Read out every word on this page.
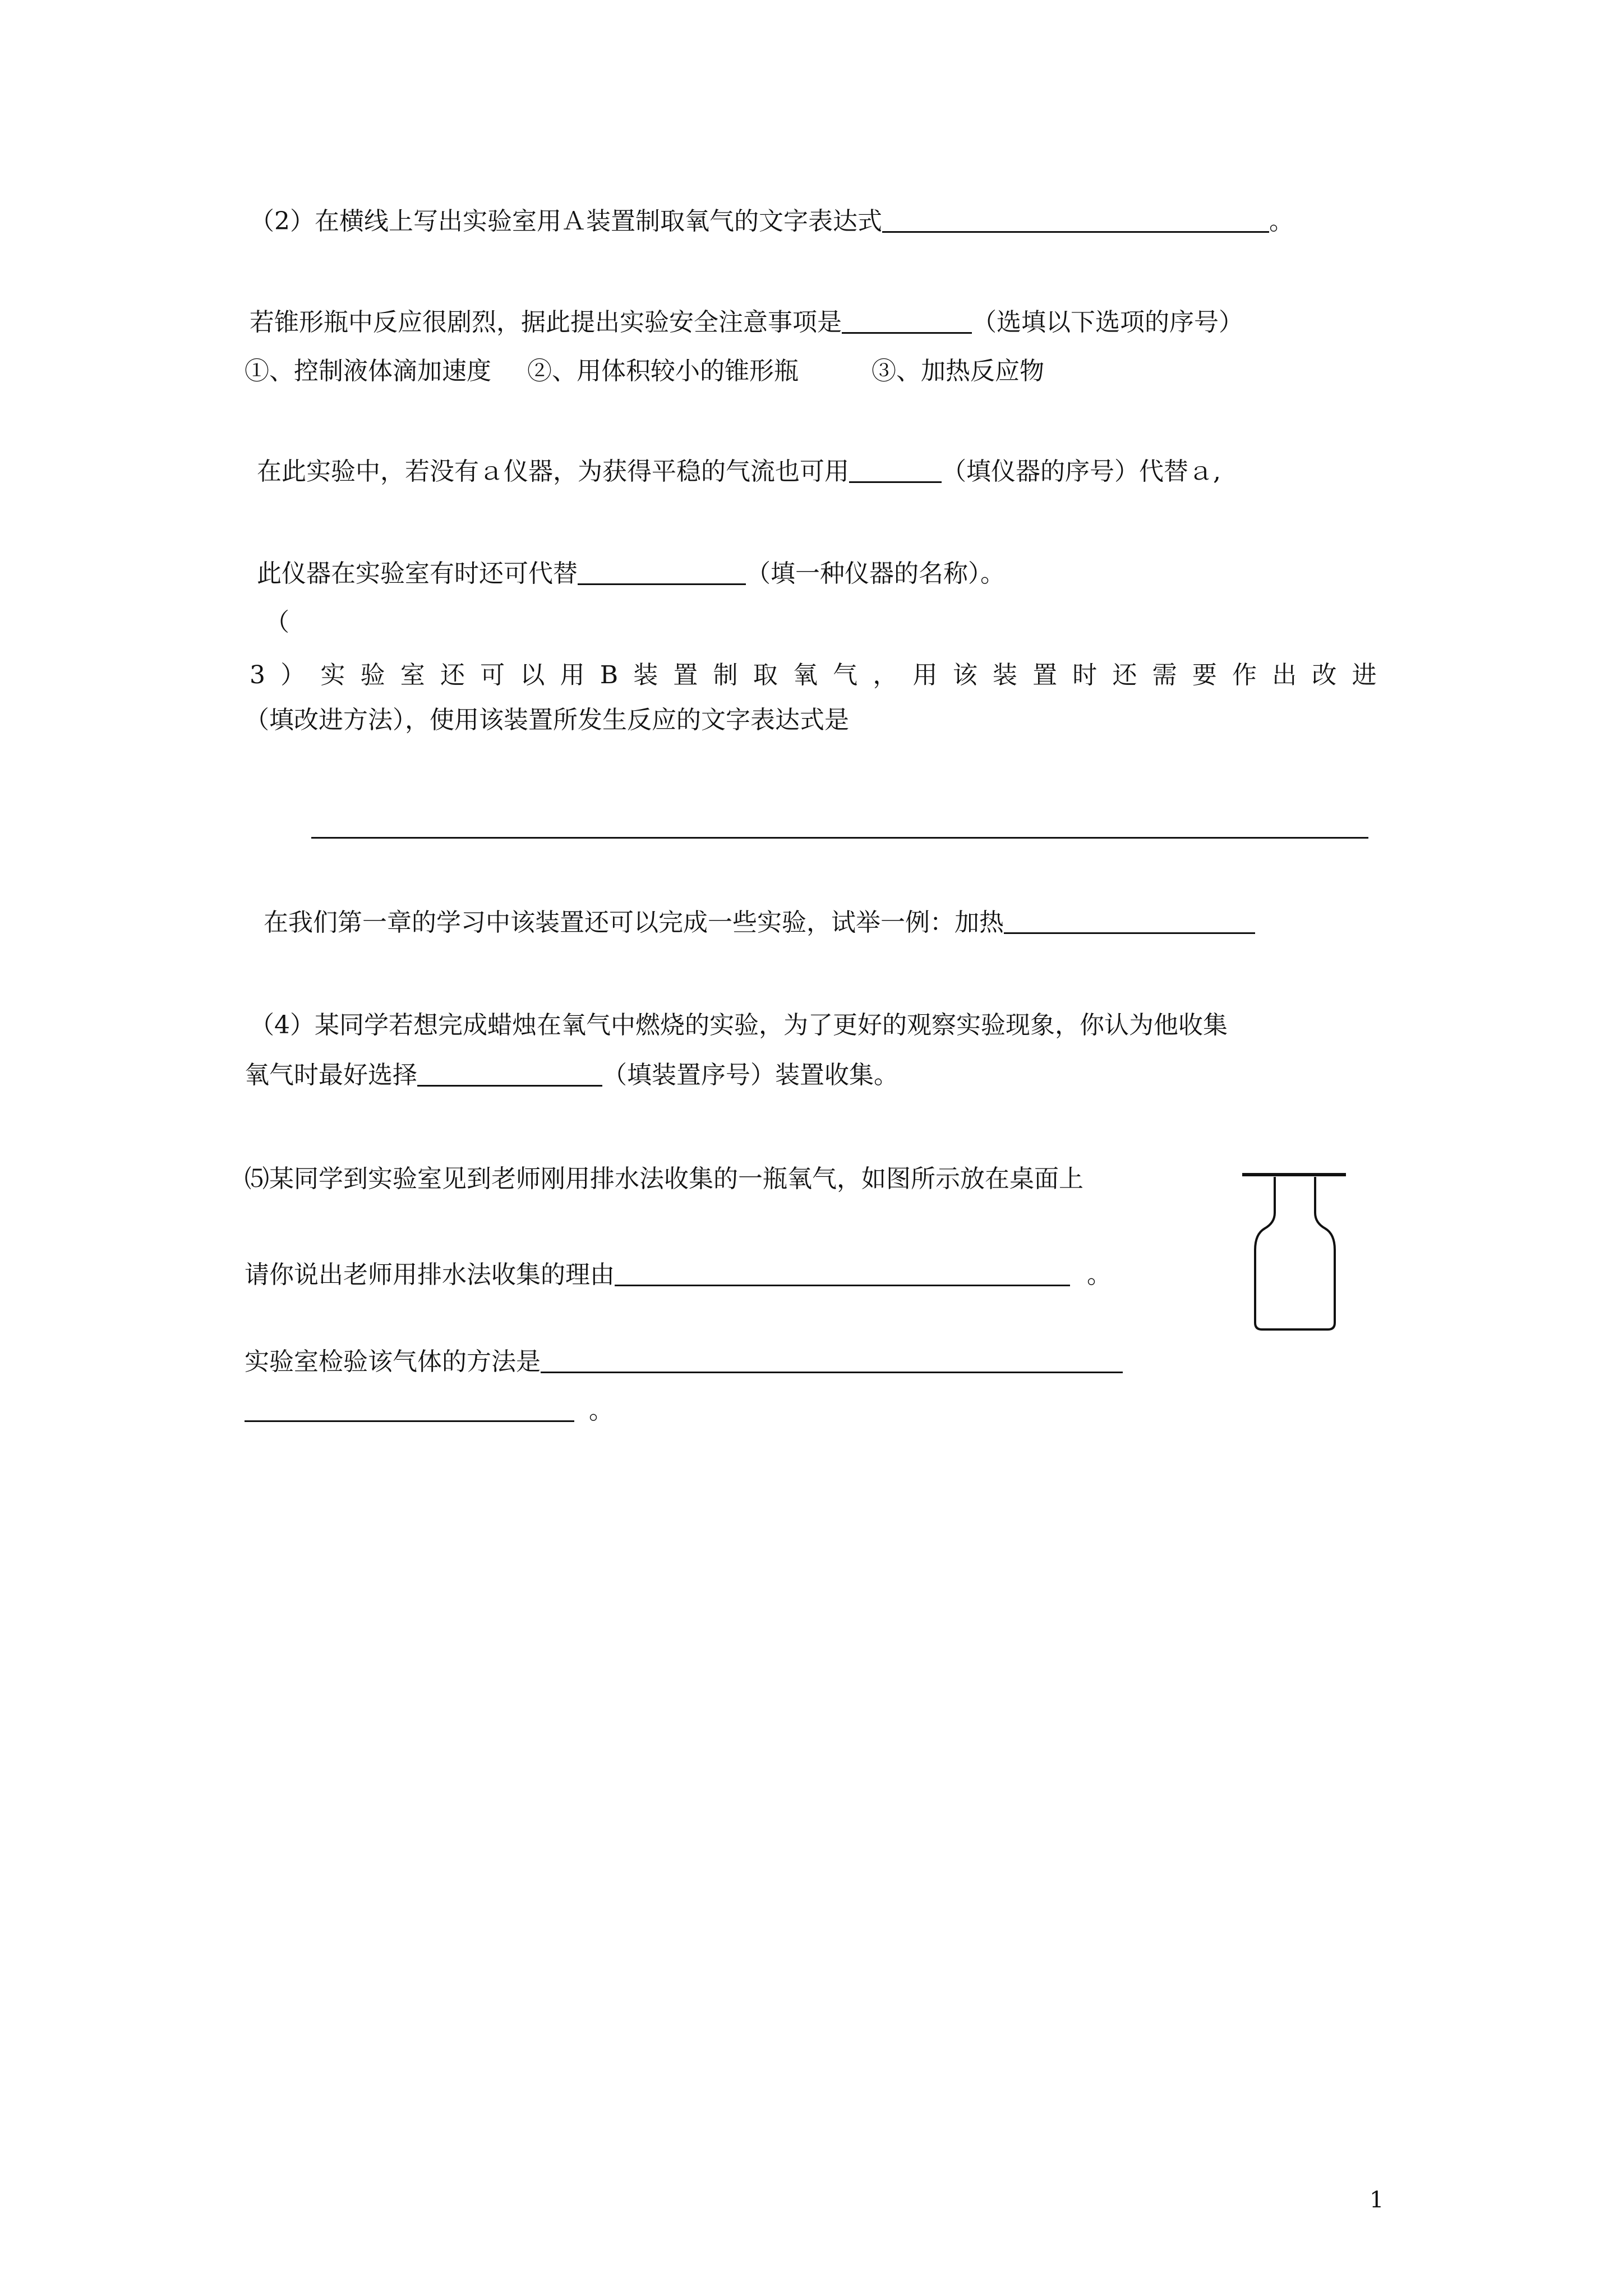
（2）在横线上写出实验室用Ａ装置制取氧气的文字表达式	。
若锥形瓶中反应很剧烈，据此提出实验安全注意事项是	（选填以下选项的序号）
①、控制液体滴加速度 ②、用体积较小的锥形瓶	③、加热反应物
在此实验中，若没有ａ仪器，为获得平稳的气流也可用	（填仪器的序号）代替ａ,
此仪器在实验室有时还可代替	（填一种仪器的名称）。
（
3 ） 实 验 室 还 可 以 用 B 装 置 制 取 氧 气 ， 用 该 装 置 时 还 需 要 作 出 改 进
（填改进方法），使用该装置所发生反应的文字表达式是
在我们第一章的学习中该装置还可以完成一些实验，试举一例：加热
（4）某同学若想完成蜡烛在氧气中燃烧的实验，为了更好的观察实验现象，你认为他收集
氧气时最好选择	（填装置序号）装置收集。
⑸某同学到实验室见到老师刚用排水法收集的一瓶氧气，如图所示放在桌面上
请你说出老师用排水法收集的理由	。
实验室检验该气体的方法是
。
1
